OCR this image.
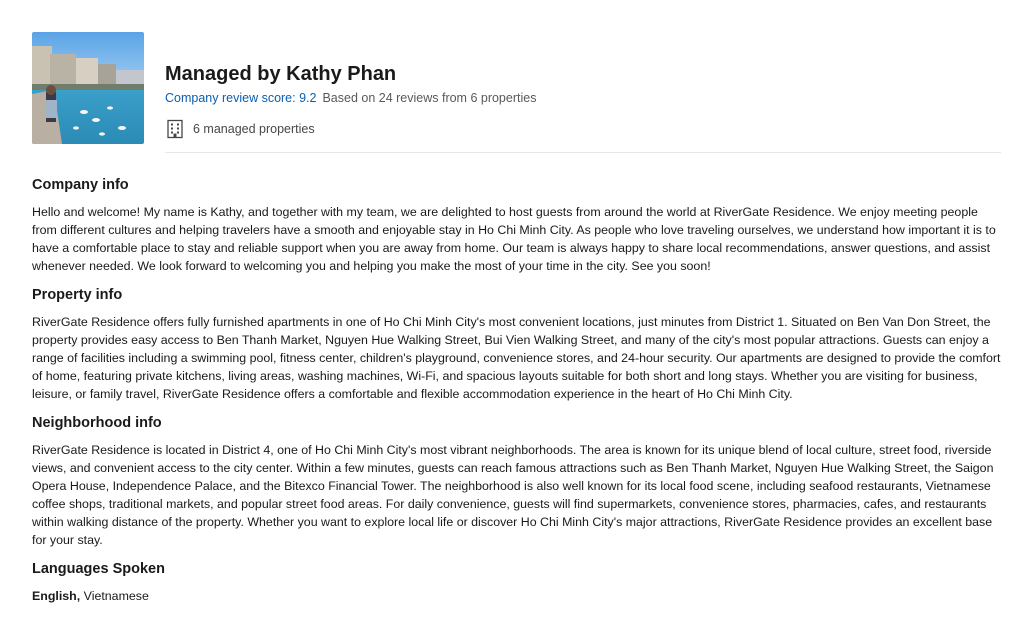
Managed by Kathy Phan
Company review score: 9.2 Based on 24 reviews from 6 properties
6 managed properties
Company info
Hello and welcome! My name is Kathy, and together with my team, we are delighted to host guests from around the world at RiverGate Residence. We enjoy meeting people from different cultures and helping travelers have a smooth and enjoyable stay in Ho Chi Minh City. As people who love traveling ourselves, we understand how important it is to have a comfortable place to stay and reliable support when you are away from home. Our team is always happy to share local recommendations, answer questions, and assist whenever needed. We look forward to welcoming you and helping you make the most of your time in the city. See you soon!
Property info
RiverGate Residence offers fully furnished apartments in one of Ho Chi Minh City's most convenient locations, just minutes from District 1. Situated on Ben Van Don Street, the property provides easy access to Ben Thanh Market, Nguyen Hue Walking Street, Bui Vien Walking Street, and many of the city's most popular attractions. Guests can enjoy a range of facilities including a swimming pool, fitness center, children's playground, convenience stores, and 24-hour security. Our apartments are designed to provide the comfort of home, featuring private kitchens, living areas, washing machines, Wi-Fi, and spacious layouts suitable for both short and long stays. Whether you are visiting for business, leisure, or family travel, RiverGate Residence offers a comfortable and flexible accommodation experience in the heart of Ho Chi Minh City.
Neighborhood info
RiverGate Residence is located in District 4, one of Ho Chi Minh City's most vibrant neighborhoods. The area is known for its unique blend of local culture, street food, riverside views, and convenient access to the city center. Within a few minutes, guests can reach famous attractions such as Ben Thanh Market, Nguyen Hue Walking Street, the Saigon Opera House, Independence Palace, and the Bitexco Financial Tower. The neighborhood is also well known for its local food scene, including seafood restaurants, Vietnamese coffee shops, traditional markets, and popular street food areas. For daily convenience, guests will find supermarkets, convenience stores, pharmacies, cafes, and restaurants within walking distance of the property. Whether you want to explore local life or discover Ho Chi Minh City's major attractions, RiverGate Residence provides an excellent base for your stay.
Languages Spoken
English, Vietnamese
